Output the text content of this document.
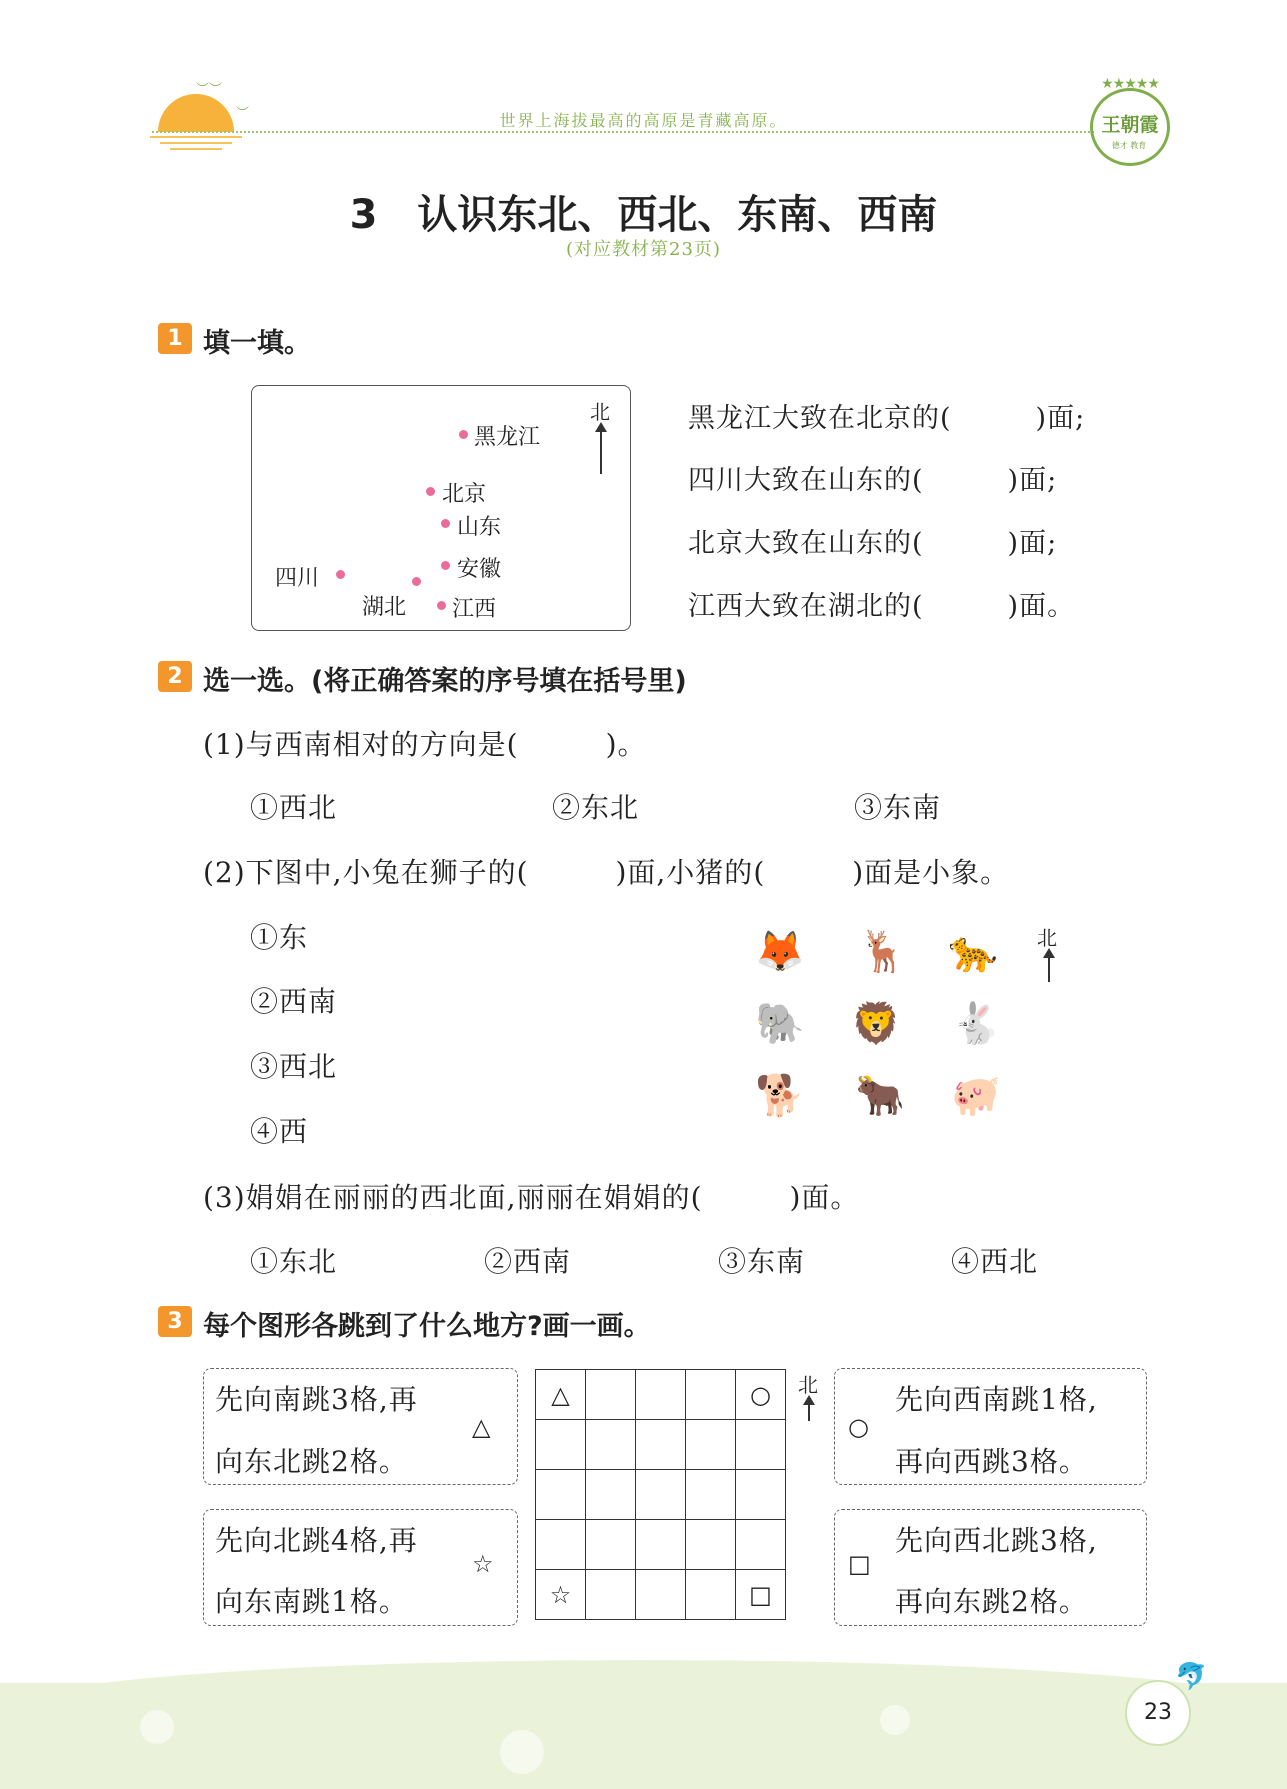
︶︶
︶	世界上海拔最高的高原是青藏高原。
★★★★★
王朝霞
德才 教育
3 认识东北、西北、东南、西南
(对应教材第23页)
1 填一填。
北
黑龙江
北京
山东
安徽
四川
湖北 江西
黑龙江大致在北京的(　　　)面;
四川大致在山东的(　　　)面;
北京大致在山东的(　　　)面;
江西大致在湖北的(　　　)面。
2 选一选。(将正确答案的序号填在括号里)
(1)与西南相对的方向是(　　　)。
①西北	②东北	③东南
(2)下图中,小兔在狮子的(　　　)面,小猪的(　　　)面是小象。
①东
②西南
③西北
④西
🦊 🦌 🐆
🐘 🦁 🐇
🐕 🐂 🐖
北
(3)娟娟在丽丽的西北面,丽丽在娟娟的(　　　)面。
①东北	②西南	③东南	④西北
3 每个图形各跳到了什么地方?画一画。
先向南跳3格,再
向东北跳2格。
△
先向北跳4格,再
向东南跳1格。
☆
△				○

☆				□
北
○
先向西南跳1格,
再向西跳3格。
□
先向西北跳3格,
再向东跳2格。
23
🐬
